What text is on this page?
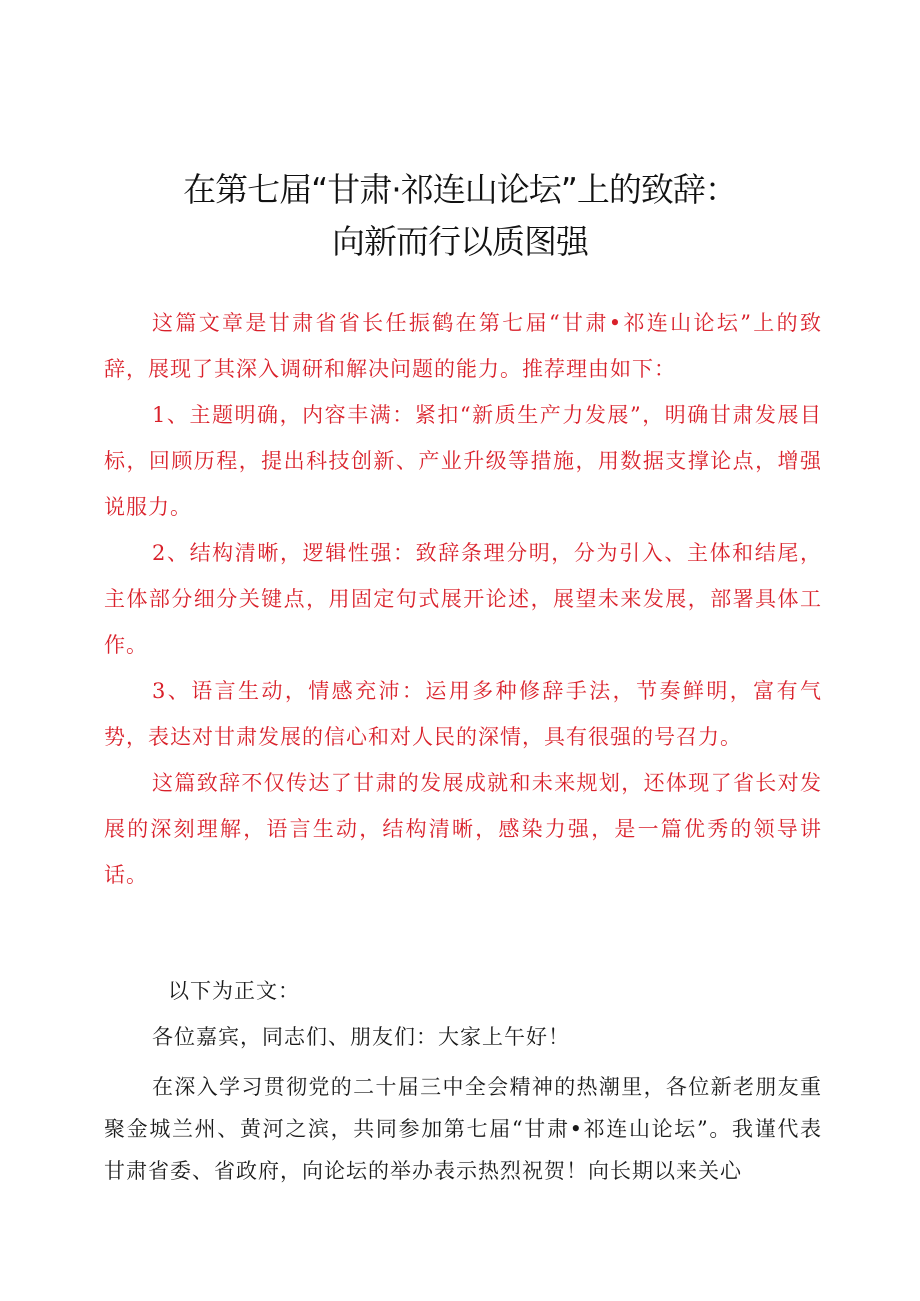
在第七届“甘肃·祁连山论坛”上的致辞：
向新而行以质图强

这篇文章是甘肃省省长任振鹤在第七届“甘肃•祁连山论坛”上的致辞，展现了其深入调研和解决问题的能力。推荐理由如下：

1、主题明确，内容丰满：紧扣“新质生产力发展”，明确甘肃发展目标，回顾历程，提出科技创新、产业升级等措施，用数据支撑论点，增强说服力。

2、结构清晰，逻辑性强：致辞条理分明，分为引入、主体和结尾，主体部分细分关键点，用固定句式展开论述，展望未来发展，部署具体工作。

3、语言生动，情感充沛：运用多种修辞手法，节奏鲜明，富有气势，表达对甘肃发展的信心和对人民的深情，具有很强的号召力。

这篇致辞不仅传达了甘肃的发展成就和未来规划，还体现了省长对发展的深刻理解，语言生动，结构清晰，感染力强，是一篇优秀的领导讲话。

以下为正文：

各位嘉宾，同志们、朋友们：大家上午好！

在深入学习贯彻党的二十届三中全会精神的热潮里，各位新老朋友重聚金城兰州、黄河之滨，共同参加第七届“甘肃•祁连山论坛”。我谨代表甘肃省委、省政府，向论坛的举办表示热烈祝贺！向长期以来关心
